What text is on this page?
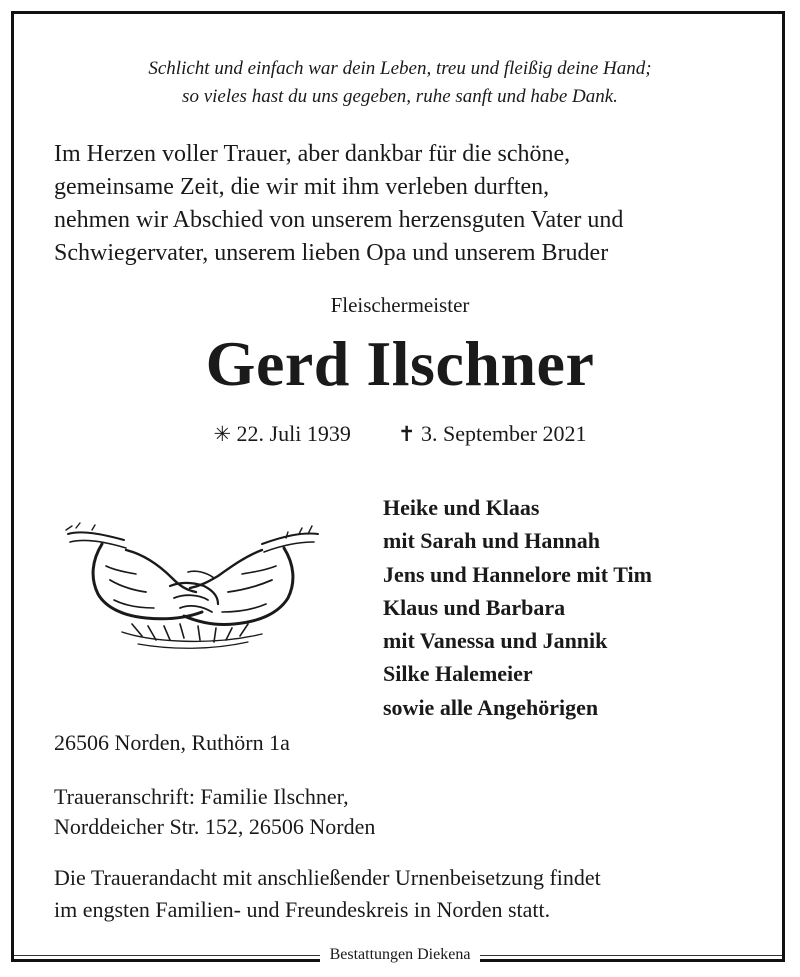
Schlicht und einfach war dein Leben, treu und fleißig deine Hand;
so vieles hast du uns gegeben, ruhe sanft und habe Dank.

Im Herzen voller Trauer, aber dankbar für die schöne,
gemeinsame Zeit, die wir mit ihm verleben durften,
nehmen wir Abschied von unserem herzensguten Vater und
Schwiegervater, unserem lieben Opa und unserem Bruder

Fleischermeister

Gerd Ilschner

✳ 22. Juli 1939 ✝ 3. September 2021

Heike und Klaas
mit Sarah und Hannah
Jens und Hannelore mit Tim
Klaus und Barbara
mit Vanessa und Jannik
Silke Halemeier
sowie alle Angehörigen

26506 Norden, Ruthörn 1a

Traueranschrift: Familie Ilschner,
Norddeicher Str. 152, 26506 Norden

Die Trauerandacht mit anschließender Urnenbeisetzung findet
im engsten Familien- und Freundeskreis in Norden statt.

Bestattungen Diekena
